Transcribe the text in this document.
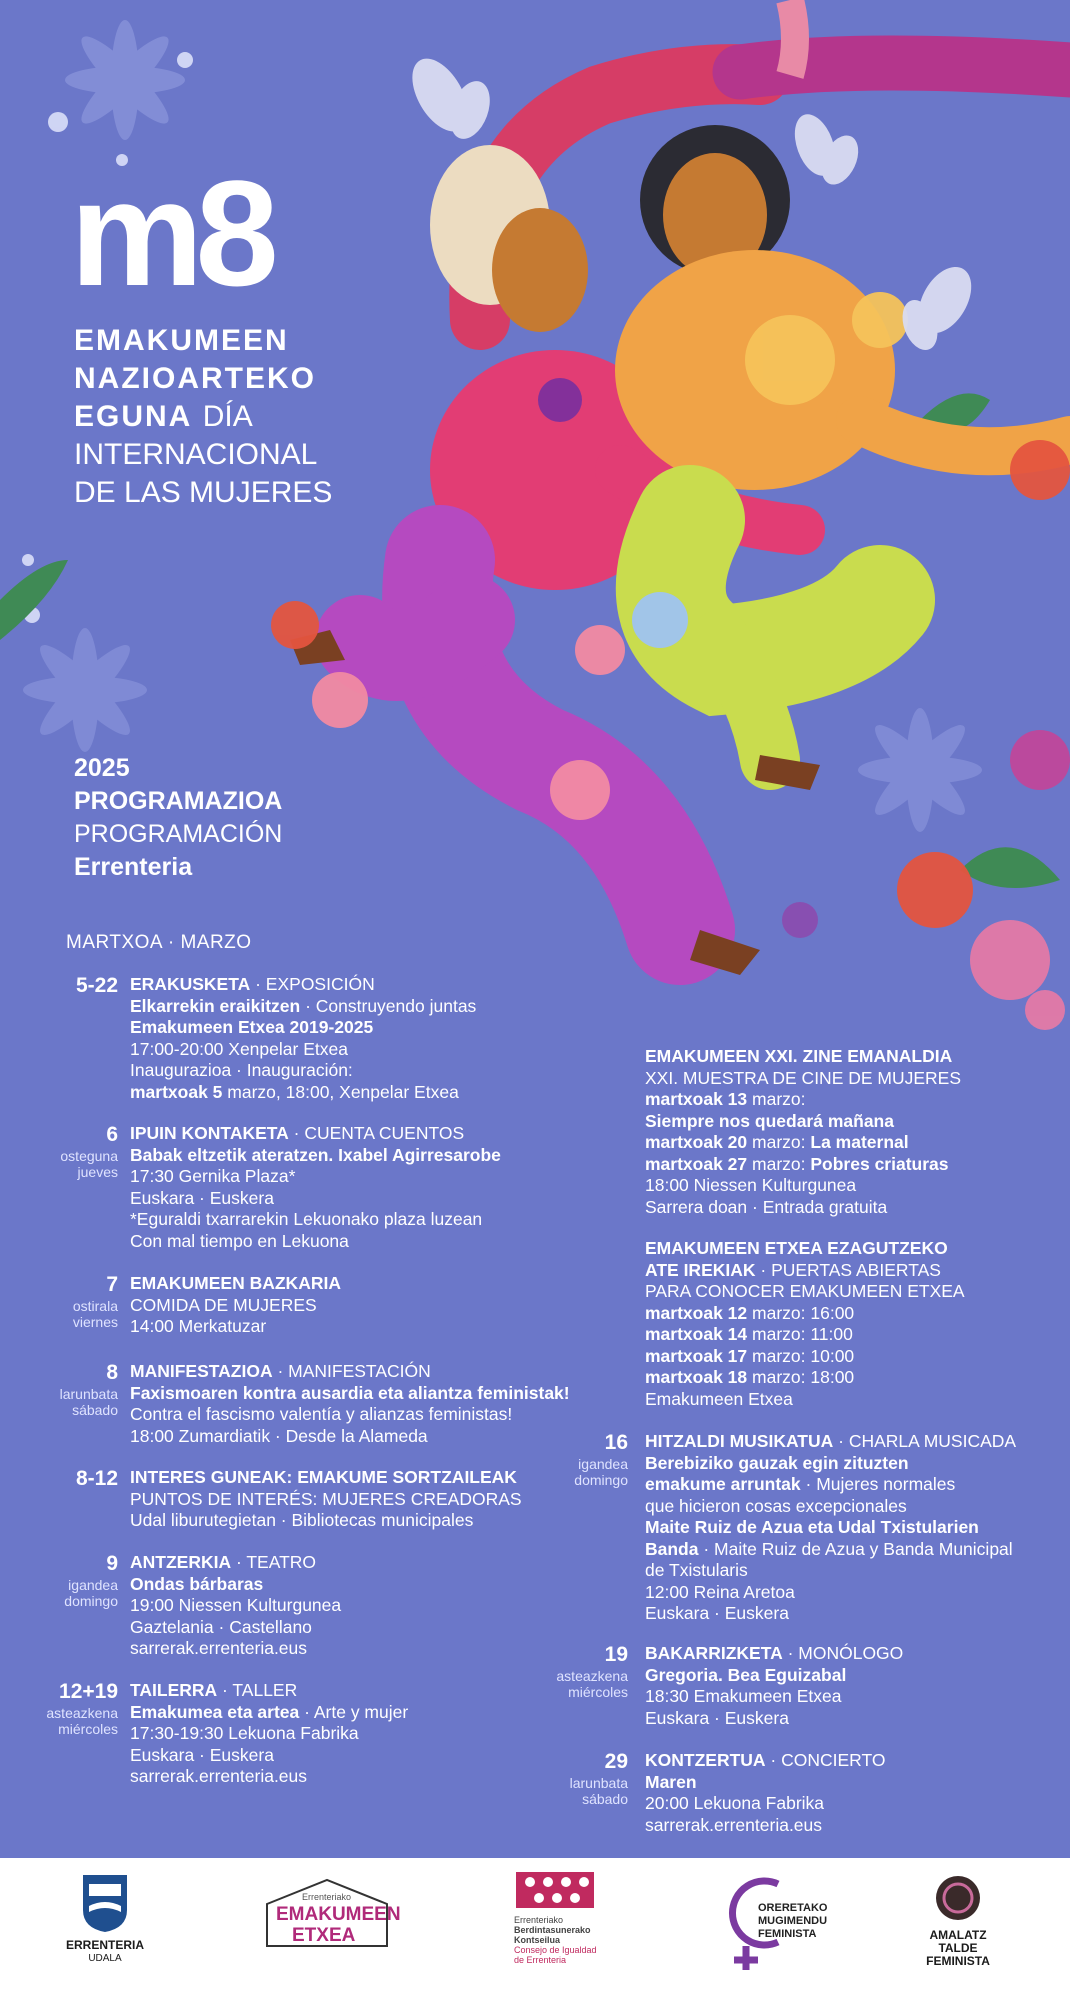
m8
EMAKUMEEN
NAZIOARTEKO
EGUNA DÍA
INTERNACIONAL
DE LAS MUJERES
2025
PROGRAMAZIOA
PROGRAMACIÓN
Errenteria
MARTXOA · MARZO
5-22 ERAKUSKETA · EXPOSICIÓN
Elkarrekin eraikitzen · Construyendo juntas
Emakumeen Etxea 2019-2025
17:00-20:00 Xenpelar Etxea
Inaugurazioa · Inauguración:
martxoak 5 marzo, 18:00, Xenpelar Etxea
6
osteguna
jueves
IPUIN KONTAKETA · CUENTA CUENTOS
Babak eltzetik ateratzen. Ixabel Agirresarobe
17:30 Gernika Plaza*
Euskara · Euskera
*Eguraldi txarrarekin Lekuonako plaza luzean
Con mal tiempo en Lekuona
7
ostirala
viernes
EMAKUMEEN BAZKARIA
COMIDA DE MUJERES
14:00 Merkatuzar
8
larunbata
sábado
MANIFESTAZIOA · MANIFESTACIÓN
Faxismoaren kontra ausardia eta aliantza feministak!
Contra el fascismo valentía y alianzas feministas!
18:00 Zumardiatik · Desde la Alameda
8-12 INTERES GUNEAK: EMAKUME SORTZAILEAK
PUNTOS DE INTERÉS: MUJERES CREADORAS
Udal liburutegietan · Bibliotecas municipales
9
igandea
domingo
ANTZERKIA · TEATRO
Ondas bárbaras
19:00 Niessen Kulturgunea
Gaztelania · Castellano
sarrerak.errenteria.eus
12+19
asteazkena
miércoles
TAILERRA · TALLER
Emakumea eta artea · Arte y mujer
17:30-19:30 Lekuona Fabrika
Euskara · Euskera
sarrerak.errenteria.eus
EMAKUMEEN XXI. ZINE EMANALDIA
XXI. MUESTRA DE CINE DE MUJERES
martxoak 13 marzo:
Siempre nos quedará mañana
martxoak 20 marzo: La maternal
martxoak 27 marzo: Pobres criaturas
18:00 Niessen Kulturgunea
Sarrera doan · Entrada gratuita
EMAKUMEEN ETXEA EZAGUTZEKO
ATE IREKIAK · PUERTAS ABIERTAS
PARA CONOCER EMAKUMEEN ETXEA
martxoak 12 marzo: 16:00
martxoak 14 marzo: 11:00
martxoak 17 marzo: 10:00
martxoak 18 marzo: 18:00
Emakumeen Etxea
16
igandea
domingo
HITZALDI MUSIKATUA · CHARLA MUSICADA
Berebiziko gauzak egin zituzten
emakume arruntak · Mujeres normales
que hicieron cosas excepcionales
Maite Ruiz de Azua eta Udal Txistularien
Banda · Maite Ruiz de Azua y Banda Municipal
de Txistularis
12:00 Reina Aretoa
Euskara · Euskera
19
asteazkena
miércoles
BAKARRIZKETA · MONÓLOGO
Gregoria. Bea Eguizabal
18:30 Emakumeen Etxea
Euskara · Euskera
29
larunbata
sábado
KONTZERTUA · CONCIERTO
Maren
20:00 Lekuona Fabrika
sarrerak.errenteria.eus
ERRENTERIA
UDALA
Errenteriako
EMAKUMEEN
ETXEA
Errenteriako
Berdintasunerako
Kontseilua
Consejo de Igualdad
de Errenteria
ORERETAKO
MUGIMENDU
FEMINISTA	AMALATZ
TALDE
FEMINISTA
